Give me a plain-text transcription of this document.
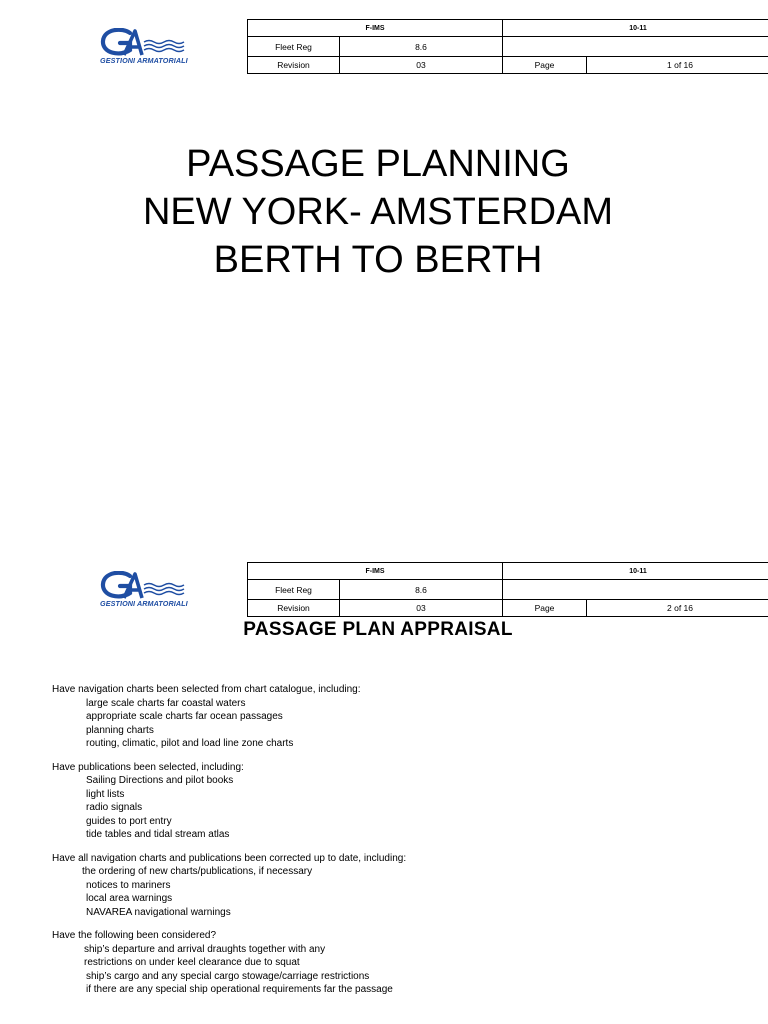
GESTIONI ARMATORIALI
F-IMS		10-11	
Fleet Reg	8.6		
Revision	03	Page	1 of 16
PASSAGE PLANNING
NEW YORK- AMSTERDAM
BERTH TO BERTH
GESTIONI ARMATORIALI
F-IMS		10-11	
Fleet Reg	8.6		
Revision	03	Page	2 of 16
PASSAGE PLAN APPRAISAL
Have navigation charts been selected from chart catalogue, including:
large scale charts far coastal waters
appropriate scale charts far ocean passages
planning charts
routing, climatic, pilot and load line zone charts
Have publications been selected, including:
Sailing Directions and pilot books
light lists
radio signals
guides to port entry
tide tables and tidal stream atlas
Have all navigation charts and publications been corrected up to date, including:
the ordering of new charts/publications, if necessary
notices to mariners
local area warnings
NAVAREA navigational warnings
Have the following been considered?
ship’s departure and arrival draughts together with any
restrictions on under keel clearance due to squat
ship’s cargo and any special cargo stowage/carriage restrictions
if there are any special ship operational requirements far the passage
